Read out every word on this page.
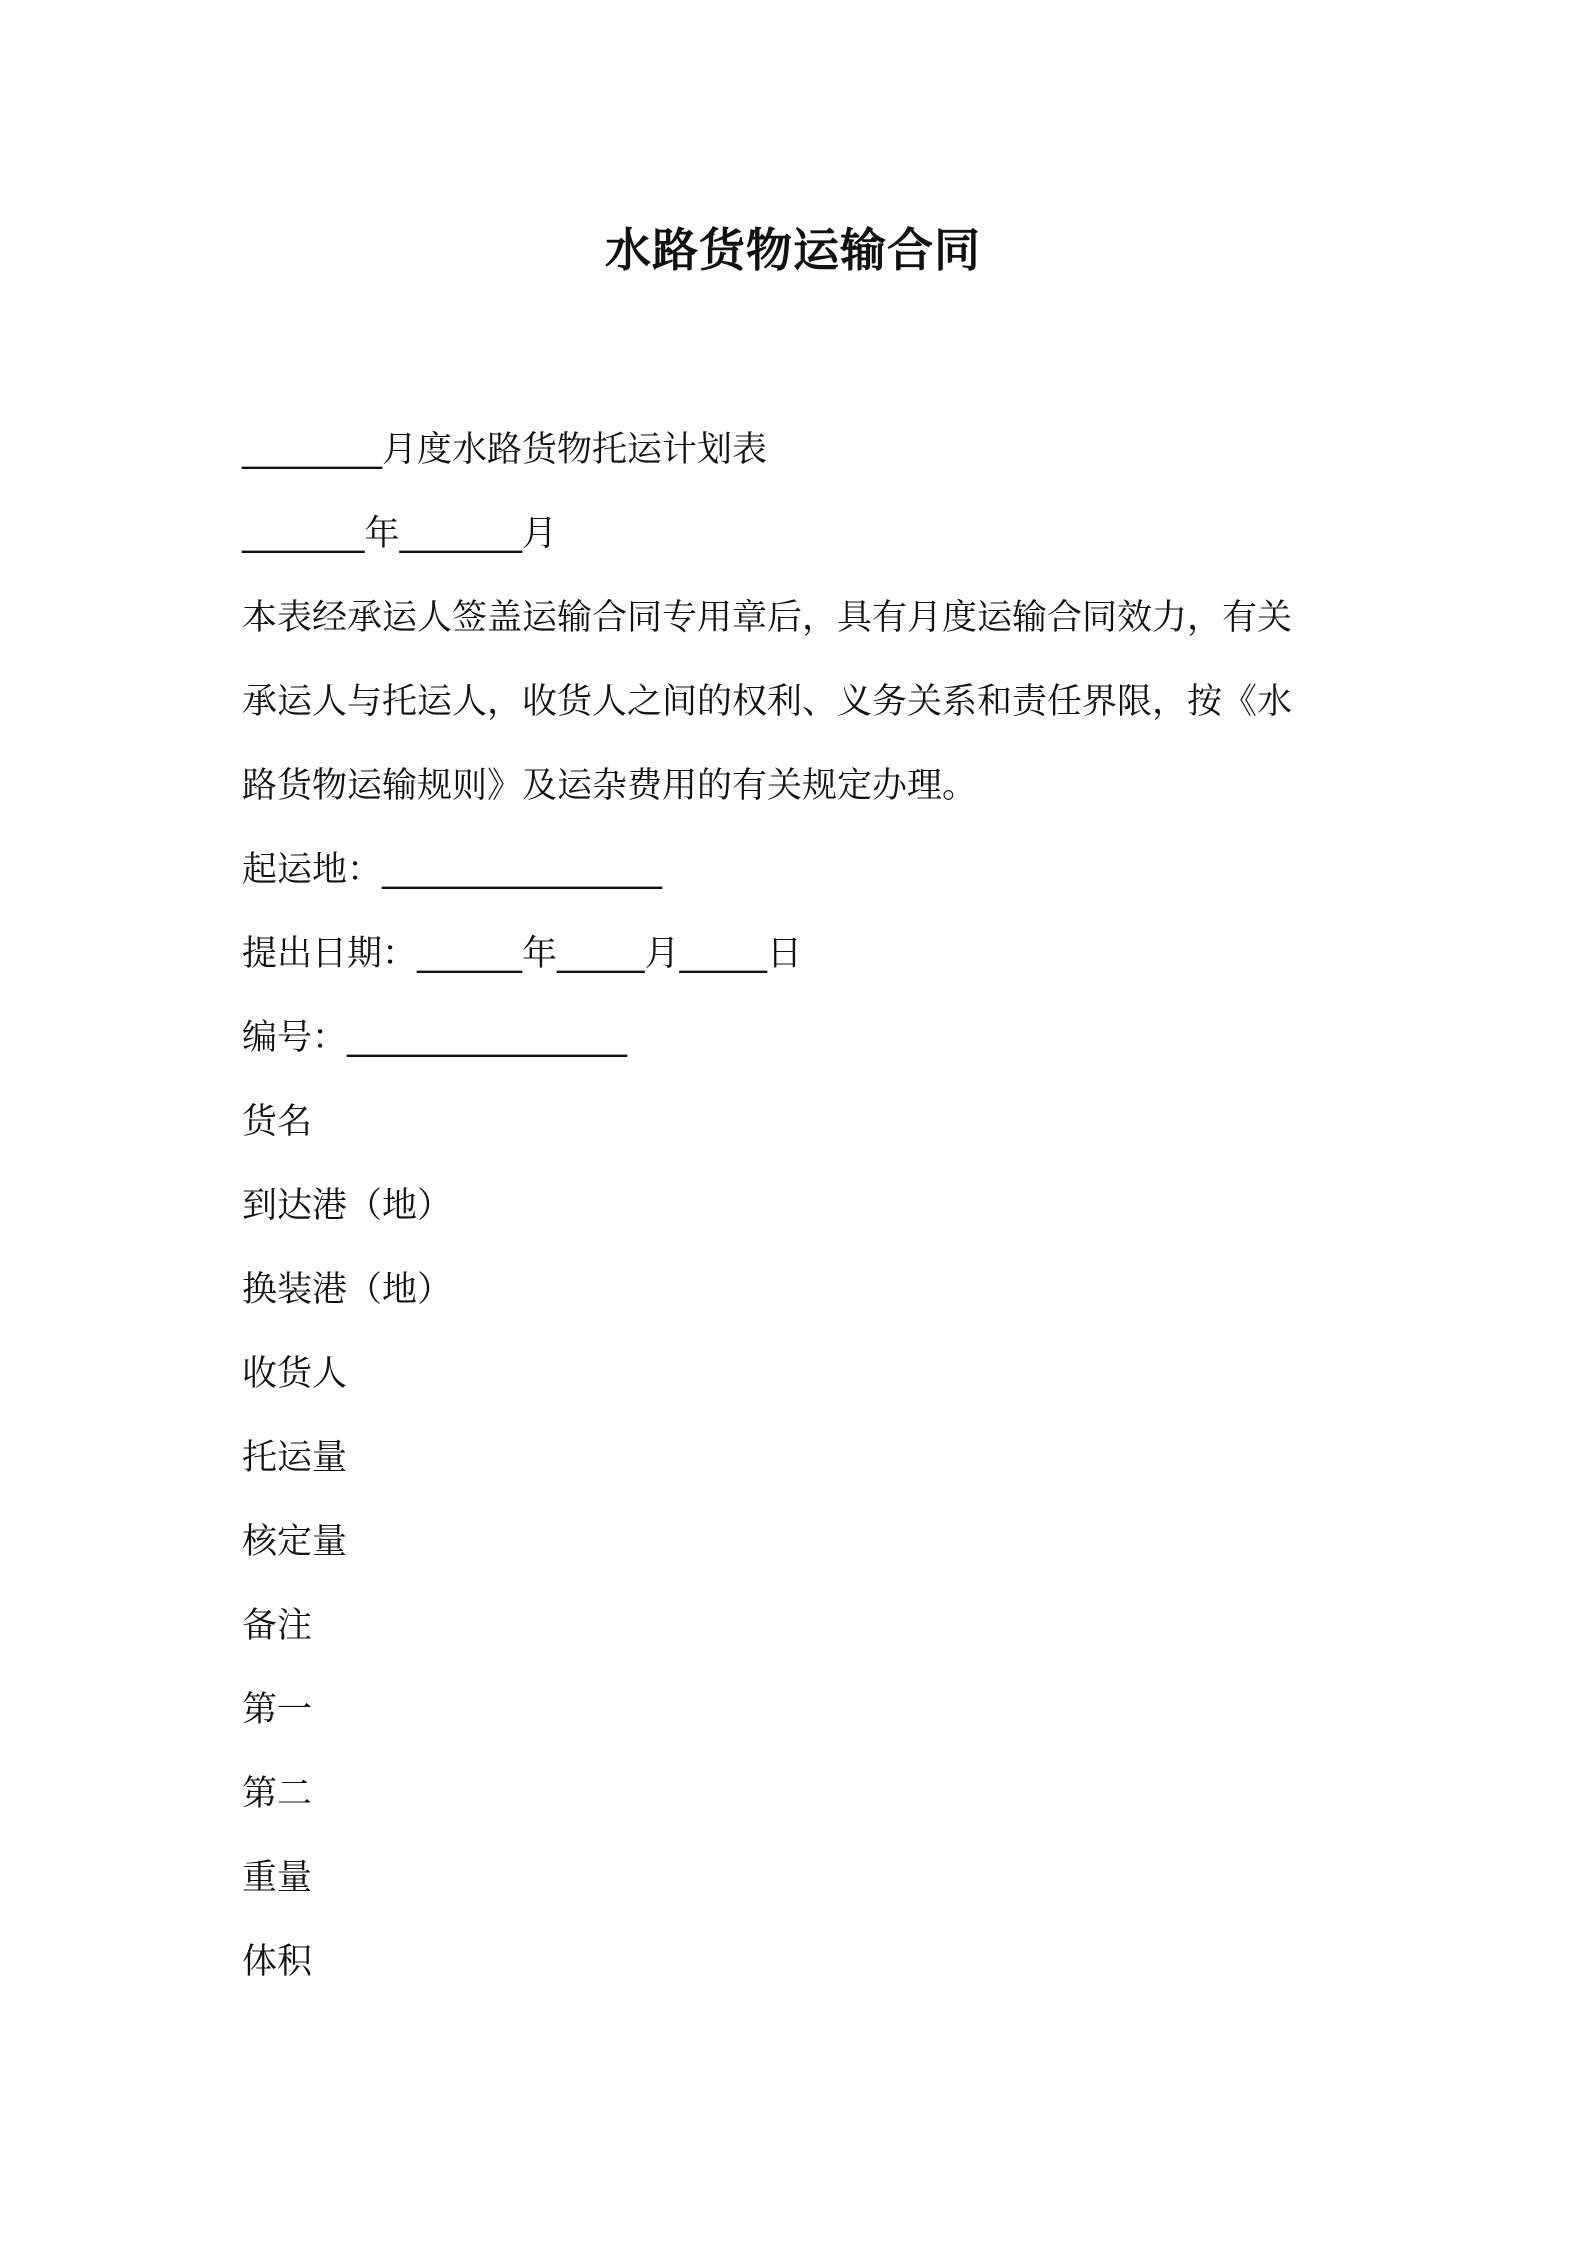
水路货物运输合同
________月度水路货物托运计划表
_______年_______月
本表经承运人签盖运输合同专用章后，具有月度运输合同效力，有关
承运人与托运人，收货人之间的权利、义务关系和责任界限，按《水
路货物运输规则》及运杂费用的有关规定办理。
起运地：________________
提出日期：______年_____月_____日
编号：________________
货名
到达港（地）
换装港（地）
收货人
托运量
核定量
备注
第一
第二
重量
体积
